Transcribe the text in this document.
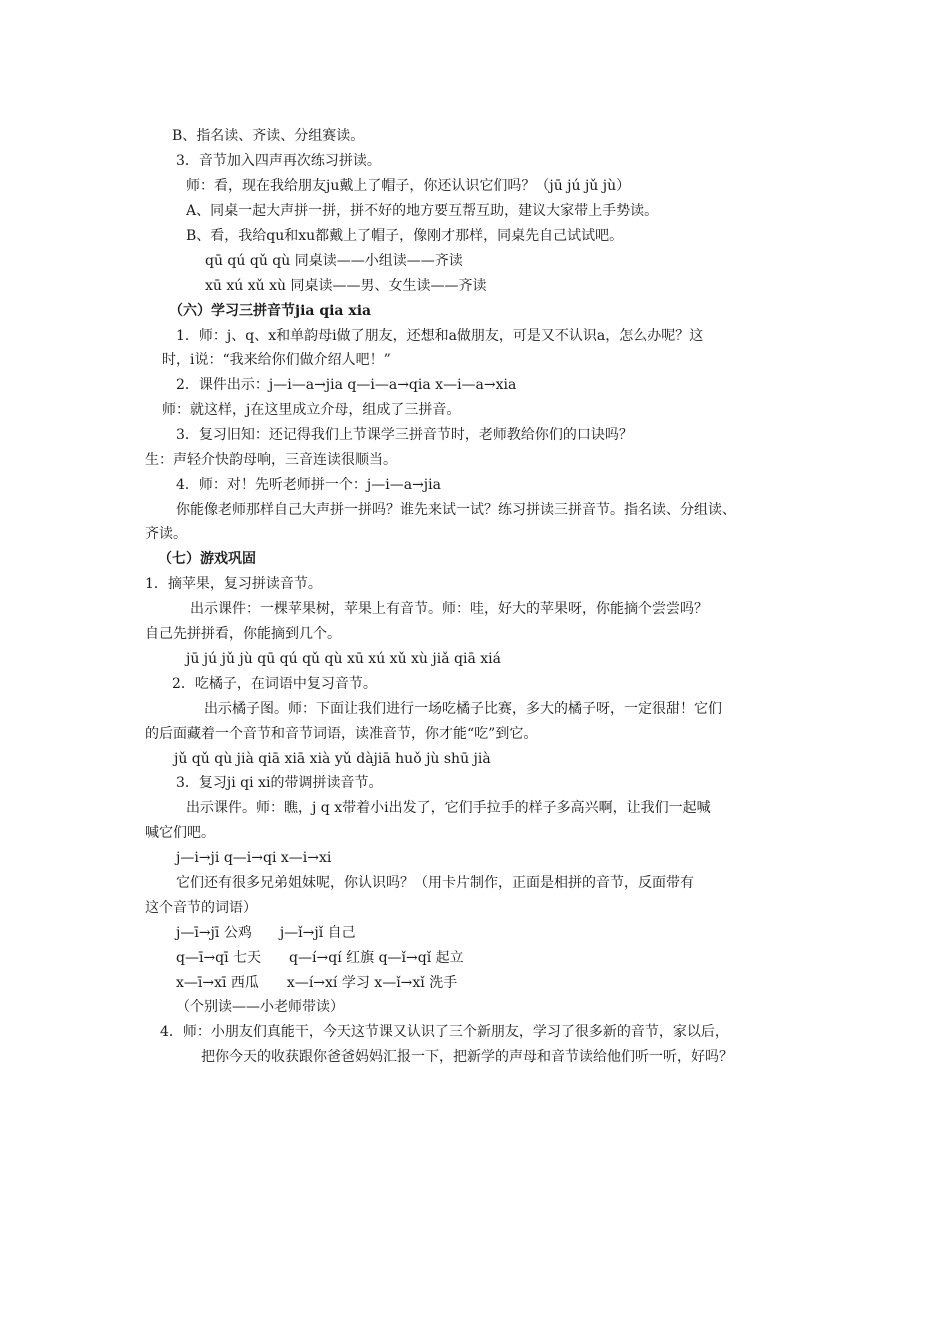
B、指名读、齐读、分组赛读。
3．音节加入四声再次练习拼读。
师：看，现在我给朋友ju戴上了帽子，你还认识它们吗？（jū jú jǔ jù）
A、同桌一起大声拼一拼，拼不好的地方要互帮互助，建议大家带上手势读。
B、看，我给qu和xu都戴上了帽子，像刚才那样，同桌先自己试试吧。
qū qú qǔ qù 同桌读——小组读——齐读
xū xú xǔ xù 同桌读——男、女生读——齐读
（六）学习三拼音节jia qia xia
1．师：j、q、x和单韵母i做了朋友，还想和a做朋友，可是又不认识a，怎么办呢？这
时，i说：“我来给你们做介绍人吧！”
2．课件出示：j—i—a→jia q—i—a→qia x—i—a→xia
师：就这样，j在这里成立介母，组成了三拼音。
3．复习旧知：还记得我们上节课学三拼音节时，老师教给你们的口诀吗？
生：声轻介快韵母响，三音连读很顺当。
4．师：对！先听老师拼一个：j—i—a→jia
你能像老师那样自己大声拼一拼吗？谁先来试一试？练习拼读三拼音节。指名读、分组读、
齐读。
（七）游戏巩固
1．摘苹果，复习拼读音节。
出示课件：一棵苹果树，苹果上有音节。师：哇，好大的苹果呀，你能摘个尝尝吗？
自己先拼拼看，你能摘到几个。
jū jú jǔ jù qū qú qǔ qù xū xú xǔ xù jiǎ qiā xiá
2．吃橘子，在词语中复习音节。
出示橘子图。师：下面让我们进行一场吃橘子比赛，多大的橘子呀，一定很甜！它们
的后面藏着一个音节和音节词语，读准音节，你才能“吃”到它。
jǔ qǔ qù jià qiā xiā xià yǔ dàjiā huǒ jù shū jià
3．复习ji qi xi的带调拼读音节。
出示课件。师：瞧，j q x带着小i出发了，它们手拉手的样子多高兴啊，让我们一起喊
喊它们吧。
j—i→ji q—i→qi x—i→xi
它们还有很多兄弟姐妹呢，你认识吗？（用卡片制作，正面是相拼的音节，反面带有
这个音节的词语）
j—ī→jī 公鸡　　j—ǐ→jǐ 自己
q—ī→qī 七天　　q—í→qí 红旗 q—ǐ→qǐ 起立
x—ī→xī 西瓜　　x—í→xí 学习 x—ǐ→xǐ 洗手
（个别读——小老师带读）
4．师：小朋友们真能干，今天这节课又认识了三个新朋友，学习了很多新的音节，家以后，
把你今天的收获跟你爸爸妈妈汇报一下，把新学的声母和音节读给他们听一听，好吗？
